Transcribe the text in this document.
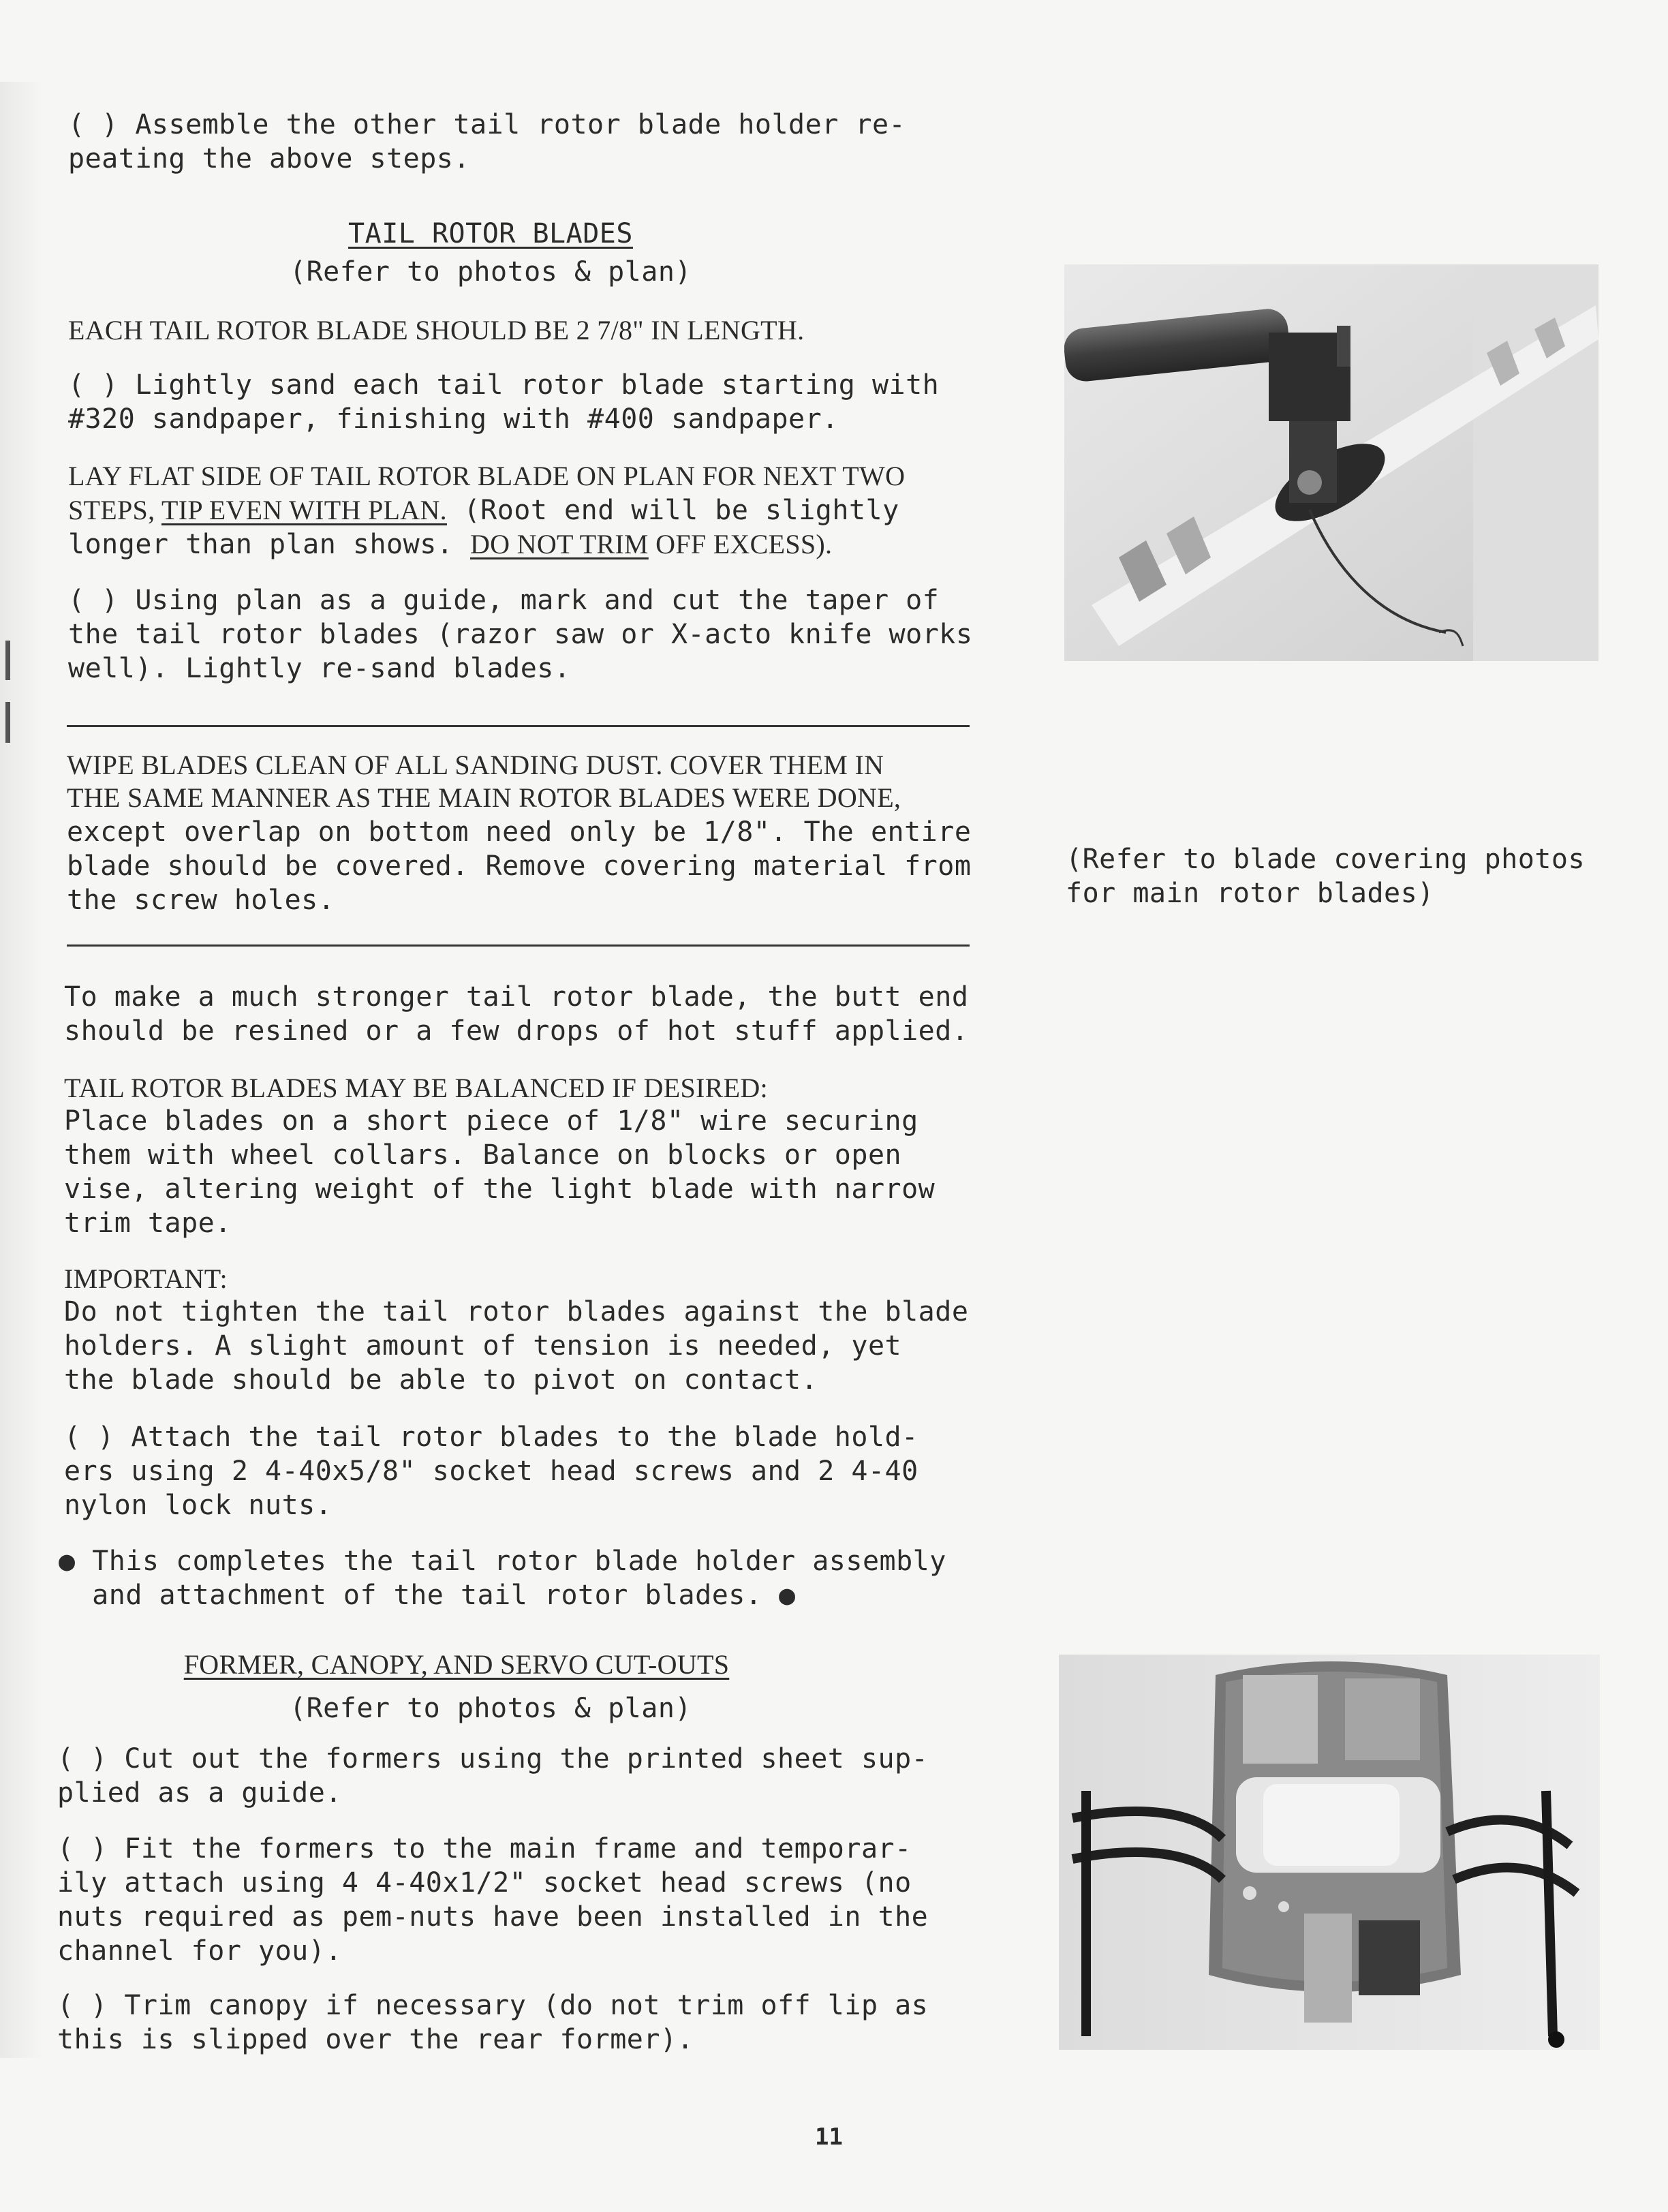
( ) Assemble the other tail rotor blade holder re-
peating the above steps.
TAIL ROTOR BLADES
(Refer to photos & plan)
EACH TAIL ROTOR BLADE SHOULD BE 2 7/8" IN LENGTH.
( ) Lightly sand each tail rotor blade starting with
#320 sandpaper, finishing with #400 sandpaper.
LAY FLAT SIDE OF TAIL ROTOR BLADE ON PLAN FOR NEXT TWO
STEPS, TIP EVEN WITH PLAN. (Root end will be slightly
longer than plan shows. DO NOT TRIM OFF EXCESS).
( ) Using plan as a guide, mark and cut the taper of
the tail rotor blades (razor saw or X-acto knife works
well). Lightly re-sand blades.
WIPE BLADES CLEAN OF ALL SANDING DUST. COVER THEM IN
THE SAME MANNER AS THE MAIN ROTOR BLADES WERE DONE,
except overlap on bottom need only be 1/8". The entire
blade should be covered. Remove covering material from
the screw holes.
(Refer to blade covering photos
for main rotor blades)
To make a much stronger tail rotor blade, the butt end
should be resined or a few drops of hot stuff applied.
TAIL ROTOR BLADES MAY BE BALANCED IF DESIRED:
Place blades on a short piece of 1/8" wire securing
them with wheel collars. Balance on blocks or open
vise, altering weight of the light blade with narrow
trim tape.
IMPORTANT:
Do not tighten the tail rotor blades against the blade
holders. A slight amount of tension is needed, yet
the blade should be able to pivot on contact.
( ) Attach the tail rotor blades to the blade hold-
ers using 2 4-40x5/8" socket head screws and 2 4-40
nylon lock nuts.
● This completes the tail rotor blade holder assembly
and attachment of the tail rotor blades. ●
FORMER, CANOPY, AND SERVO CUT-OUTS
(Refer to photos & plan)
( ) Cut out the formers using the printed sheet sup-
plied as a guide.
( ) Fit the formers to the main frame and temporar-
ily attach using 4 4-40x1/2" socket head screws (no
nuts required as pem-nuts have been installed in the
channel for you).
( ) Trim canopy if necessary (do not trim off lip as
this is slipped over the rear former).
11
